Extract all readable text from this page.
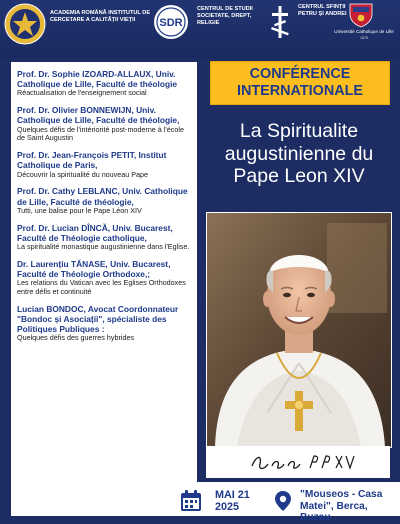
ACADEMIA ROMÂNĂ INSTITUTUL DE CERCETARE A CALITĂȚII VIEȚII	SDR
CENTRUL DE STUDII SOCIETATE, DREPT, RELIGIE
CENTRUL SFINȚII PETRU ȘI ANDREI
Université Catholique de Lille 1875
Prof. Dr. Sophie IZOARD-ALLAUX, Univ. Catholique de Lille, Faculté de théologie
Réactualisation de l'enseignement social
Prof. Dr. Olivier BONNEWIJN, Univ. Catholique de Lille, Faculté de théologie,
Quelques défis de l'intériorité post-moderne à l'école de Saint Augustin
Prof. Dr. Jean-François PETIT, Institut Catholique de Paris,
Découvrir la spiritualité du nouveau Pape
Prof. Dr. Cathy LEBLANC, Univ. Catholique de Lille, Faculté de théologie,
Tutti, une balise pour le Pape Léon XIV
Prof. Dr. Lucian DÎNCĂ, Univ. Bucarest, Faculté de Théologie catholique,
La spiritualité monastique augustinienne dans l'Eglise.
Dr. Laurențiu TĂNASE, Univ. Bucarest, Faculté de Théologie Orthodoxe,;
Les relations du Vatican avec les Eglises Orthodoxes entre défis et continuité
Lucian BONDOC, Avocat Coordonnateur "Bondoc și Asociații", spécialiste des Politiques Publiques :
Quelques défis des guerres hybrides
CONFÉRENCE
INTERNATIONALE
La Spiritualite
augustinienne du
Pape Leon XIV
MAI 21 2025
"Mouseos - Casa Matei", Berca, Buzau
